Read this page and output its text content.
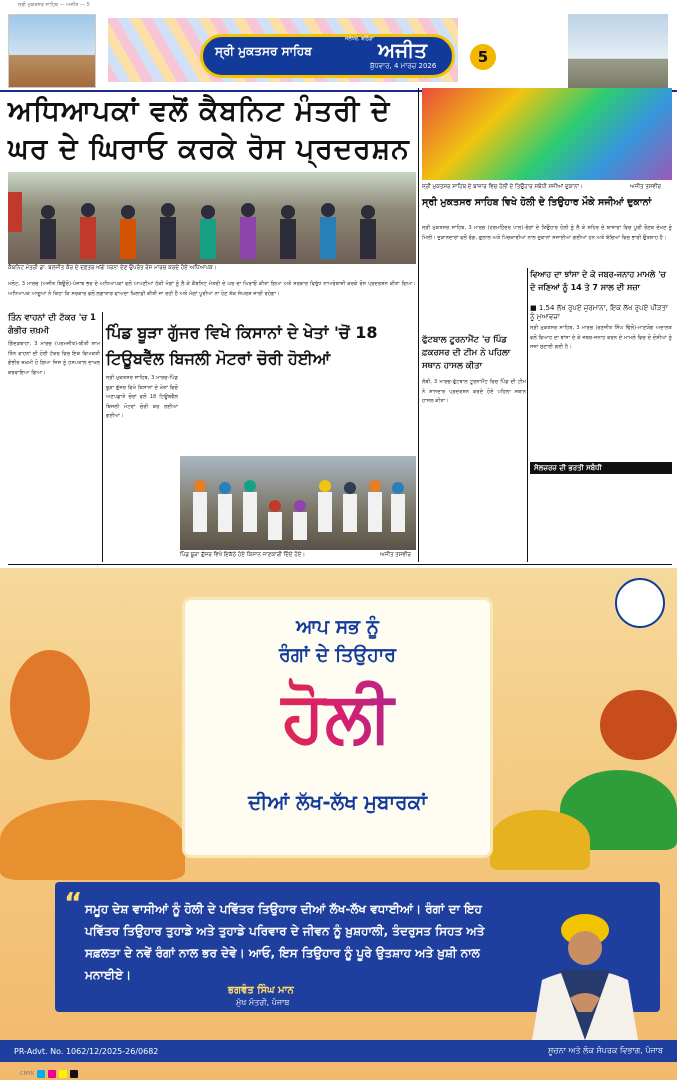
ਸ੍ਰੀ ਮੁਕਤਸਰ ਸਾਹਿਬ — ਅਜੀਤ — 5
ਸ੍ਰੀ ਮੁਕਤਸਰ ਸਾਹਿਬ
ਜਲੰਧਰ, ਬਠਿੰਡਾ ਅਜੀਤ
ਬੁੱਧਵਾਰ, 4 ਮਾਰਚ 2026	5
ਅਧਿਆਪਕਾਂ ਵਲੋਂ ਕੈਬਨਿਟ ਮੰਤਰੀ ਦੇ ਘਰ ਦੇ ਘਿਰਾਓ ਕਰਕੇ ਰੋਸ ਪ੍ਰਦਰਸ਼ਨ
ਕੈਬਨਿਟ ਮੰਤਰੀ ਡਾ. ਬਲਜੀਤ ਕੌਰ ਦੇ ਦਫ਼ਤਰ ਅੱਗੇ ਧਰਨਾ ਦੇਣ ਉਪਰੰਤ ਰੋਸ ਮਾਰਚ ਕਰਦੇ ਹੋਏ ਅਧਿਆਪਕ।
ਮਲੋਟ, 3 ਮਾਰਚ (ਅਜੀਤ ਬਿਊਰੋ)-ਪੰਜਾਬ ਭਰ ਦੇ ਅਧਿਆਪਕਾਂ ਵਲੋਂ ਆਪਣੀਆਂ ਹੱਕੀ ਮੰਗਾਂ ਨੂੰ ਲੈ ਕੇ ਕੈਬਨਿਟ ਮੰਤਰੀ ਦੇ ਘਰ ਦਾ ਘਿਰਾਓ ਕੀਤਾ ਗਿਆ ਅਤੇ ਸਰਕਾਰ ਵਿਰੁੱਧ ਨਾਅਰੇਬਾਜ਼ੀ ਕਰਕੇ ਰੋਸ ਪ੍ਰਦਰਸ਼ਨ ਕੀਤਾ ਗਿਆ। ਅਧਿਆਪਕ ਆਗੂਆਂ ਨੇ ਕਿਹਾ ਕਿ ਸਰਕਾਰ ਵਲੋਂ ਲਗਾਤਾਰ ਵਾਅਦਾ ਖ਼ਿਲਾਫ਼ੀ ਕੀਤੀ ਜਾ ਰਹੀ ਹੈ ਅਤੇ ਮੰਗਾਂ ਪੂਰੀਆਂ ਨਾ ਹੋਣ ਤੱਕ ਸੰਘਰਸ਼ ਜਾਰੀ ਰਹੇਗਾ।
ਸ੍ਰੀ ਮੁਕਤਸਰ ਸਾਹਿਬ ਦੇ ਬਾਜ਼ਾਰ ਵਿਚ ਹੋਲੀ ਦੇ ਤਿਉਹਾਰ ਸਬੰਧੀ ਸਜੀਆਂ ਦੁਕਾਨਾਂ।	ਅਜੀਤ ਤਸਵੀਰ
ਸ੍ਰੀ ਮੁਕਤਸਰ ਸਾਹਿਬ ਵਿਖੇ ਹੋਲੀ ਦੇ ਤਿਉਹਾਰ ਮੌਕੇ ਸਜੀਆਂ ਦੁਕਾਨਾਂ
ਸ੍ਰੀ ਮੁਕਤਸਰ ਸਾਹਿਬ, 3 ਮਾਰਚ (ਹਰਮਹਿੰਦਰ ਪਾਲ)-ਰੰਗਾਂ ਦੇ ਤਿਉਹਾਰ ਹੋਲੀ ਨੂੰ ਲੈ ਕੇ ਸ਼ਹਿਰ ਦੇ ਬਾਜ਼ਾਰਾਂ ਵਿਚ ਪੂਰੀ ਰੌਣਕ ਦੇਖਣ ਨੂੰ ਮਿਲੀ। ਦੁਕਾਨਦਾਰਾਂ ਵਲੋਂ ਰੰਗ, ਗੁਲਾਲ ਅਤੇ ਪਿਚਕਾਰੀਆਂ ਨਾਲ ਦੁਕਾਨਾਂ ਸਜਾਈਆਂ ਗਈਆਂ ਹਨ ਅਤੇ ਬੱਚਿਆਂ ਵਿਚ ਭਾਰੀ ਉਤਸ਼ਾਹ ਹੈ।
ਵਿਆਹ ਦਾ ਝਾਂਸਾ ਦੇ ਕੇ ਜਬਰ-ਜਨਾਹ ਮਾਮਲੇ 'ਚ ਦੋ ਜਣਿਆਂ ਨੂੰ 14 ਤੇ 7 ਸਾਲ ਦੀ ਸਜ਼ਾ
■ 1.54 ਲੱਖ ਰੁਪਏ ਜੁਰਮਾਨਾ, ਇਕ ਲੱਖ ਰੁਪਏ ਪੀੜਤਾ ਨੂੰ ਮੁਆਵਜ਼ਾ
ਸ੍ਰੀ ਮੁਕਤਸਰ ਸਾਹਿਬ, 3 ਮਾਰਚ (ਰਣਜੀਤ ਸਿੰਘ ਢਿੱਲੋਂ)-ਮਾਣਯੋਗ ਅਦਾਲਤ ਵਲੋਂ ਵਿਆਹ ਦਾ ਝਾਂਸਾ ਦੇ ਕੇ ਜਬਰ-ਜਨਾਹ ਕਰਨ ਦੇ ਮਾਮਲੇ ਵਿਚ ਦੋ ਦੋਸ਼ੀਆਂ ਨੂੰ ਸਜ਼ਾ ਸੁਣਾਈ ਗਈ ਹੈ।
ਸੋਲਜ਼ਰਜ਼ ਦੀ ਭਰਤੀ ਸਬੰਧੀ
ਤਿੰਨ ਵਾਹਨਾਂ ਦੀ ਟੱਕਰ 'ਚ 1 ਗੰਭੀਰ ਜ਼ਖ਼ਮੀ
ਗਿੱਦੜਬਾਹਾ, 3 ਮਾਰਚ (ਪਰਮਜੀਤ)-ਬੀਤੀ ਸ਼ਾਮ ਤਿੰਨ ਵਾਹਨਾਂ ਦੀ ਹੋਈ ਟੱਕਰ ਵਿਚ ਇਕ ਵਿਅਕਤੀ ਗੰਭੀਰ ਜ਼ਖ਼ਮੀ ਹੋ ਗਿਆ ਜਿਸ ਨੂੰ ਹਸਪਤਾਲ ਦਾਖਲ ਕਰਵਾਇਆ ਗਿਆ।
ਪਿੰਡ ਬੂੜਾ ਗੁੱਜਰ ਵਿਖੇ ਕਿਸਾਨਾਂ ਦੇ ਖੇਤਾਂ 'ਚੋਂ 18 ਟਿਊਬਵੈੱਲ ਬਿਜਲੀ ਮੋਟਰਾਂ ਚੋਰੀ ਹੋਈਆਂ
ਸ੍ਰੀ ਮੁਕਤਸਰ ਸਾਹਿਬ, 3 ਮਾਰਚ-ਪਿੰਡ ਬੂੜਾ ਗੁੱਜਰ ਵਿਖੇ ਕਿਸਾਨਾਂ ਦੇ ਖੇਤਾਂ ਵਿਚੋਂ ਅਣਪਛਾਤੇ ਚੋਰਾਂ ਵਲੋਂ 18 ਟਿਊਬਵੈੱਲ ਬਿਜਲੀ ਮੋਟਰਾਂ ਚੋਰੀ ਕਰ ਲਈਆਂ ਗਈਆਂ।
ਪਿੰਡ ਬੂੜਾ ਗੁੱਜਰ ਵਿਖੇ ਇਕੱਠੇ ਹੋਏ ਕਿਸਾਨ ਜਾਣਕਾਰੀ ਦਿੰਦੇ ਹੋਏ।	ਅਜੀਤ ਤਸਵੀਰ
ਫੁੱਟਬਾਲ ਟੂਰਨਾਮੈਂਟ 'ਚ ਪਿੰਡ ਫ਼ਕਰਸਰ ਦੀ ਟੀਮ ਨੇ ਪਹਿਲਾ ਸਥਾਨ ਹਾਸਲ ਕੀਤਾ
ਲੰਬੀ, 3 ਮਾਰਚ-ਫੁੱਟਬਾਲ ਟੂਰਨਾਮੈਂਟ ਵਿਚ ਪਿੰਡ ਦੀ ਟੀਮ ਨੇ ਸ਼ਾਨਦਾਰ ਪ੍ਰਦਰਸ਼ਨ ਕਰਦੇ ਹੋਏ ਪਹਿਲਾ ਸਥਾਨ ਹਾਸਲ ਕੀਤਾ।
ਆਪ ਸਭ ਨੂੰ
ਰੰਗਾਂ ਦੇ ਤਿਉਹਾਰ
ਹੋਲੀ
ਦੀਆਂ ਲੱਖ-ਲੱਖ ਮੁਬਾਰਕਾਂ
“ ਸਮੂਹ ਦੇਸ਼ ਵਾਸੀਆਂ ਨੂੰ ਹੋਲੀ ਦੇ ਪਵਿੱਤਰ ਤਿਉਹਾਰ ਦੀਆਂ ਲੱਖ-ਲੱਖ ਵਧਾਈਆਂ। ਰੰਗਾਂ ਦਾ ਇਹ ਪਵਿੱਤਰ ਤਿਉਹਾਰ ਤੁਹਾਡੇ ਅਤੇ ਤੁਹਾਡੇ ਪਰਿਵਾਰ ਦੇ ਜੀਵਨ ਨੂੰ ਖ਼ੁਸ਼ਹਾਲੀ, ਤੰਦਰੁਸਤ ਸਿਹਤ ਅਤੇ ਸਫ਼ਲਤਾ ਦੇ ਨਵੇਂ ਰੰਗਾਂ ਨਾਲ ਭਰ ਦੇਵੇ। ਆਓ, ਇਸ ਤਿਉਹਾਰ ਨੂੰ ਪੂਰੇ ਉਤਸ਼ਾਹ ਅਤੇ ਖ਼ੁਸ਼ੀ ਨਾਲ ਮਨਾਈਏ।
ਭਗਵੰਤ ਸਿੰਘ ਮਾਨ
ਮੁੱਖ ਮੰਤਰੀ, ਪੰਜਾਬ
PR-Advt. No. 1062/12/2025-26/0682	ਸੂਚਨਾ ਅਤੇ ਲੋਕ ਸੰਪਰਕ ਵਿਭਾਗ, ਪੰਜਾਬ
CMYK
